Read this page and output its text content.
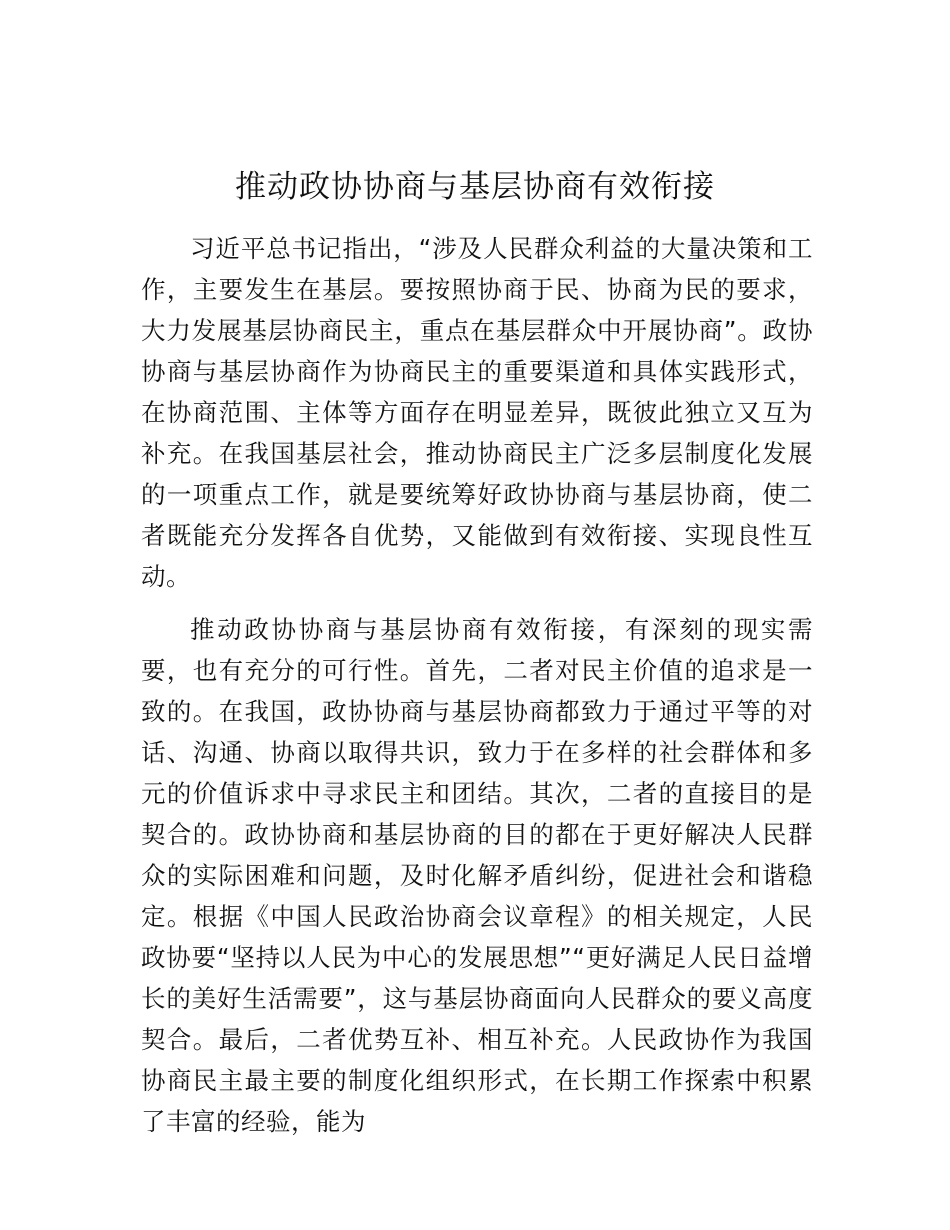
推动政协协商与基层协商有效衔接

习近平总书记指出，“涉及人民群众利益的大量决策和工作，主要发生在基层。要按照协商于民、协商为民的要求，大力发展基层协商民主，重点在基层群众中开展协商”。政协协商与基层协商作为协商民主的重要渠道和具体实践形式，在协商范围、主体等方面存在明显差异，既彼此独立又互为补充。在我国基层社会，推动协商民主广泛多层制度化发展的一项重点工作，就是要统筹好政协协商与基层协商，使二者既能充分发挥各自优势，又能做到有效衔接、实现良性互动。

推动政协协商与基层协商有效衔接，有深刻的现实需要，也有充分的可行性。首先，二者对民主价值的追求是一致的。在我国，政协协商与基层协商都致力于通过平等的对话、沟通、协商以取得共识，致力于在多样的社会群体和多元的价值诉求中寻求民主和团结。其次，二者的直接目的是契合的。政协协商和基层协商的目的都在于更好解决人民群众的实际困难和问题，及时化解矛盾纠纷，促进社会和谐稳定。根据《中国人民政治协商会议章程》的相关规定，人民政协要“坚持以人民为中心的发展思想”“更好满足人民日益增长的美好生活需要”，这与基层协商面向人民群众的要义高度契合。最后，二者优势互补、相互补充。人民政协作为我国协商民主最主要的制度化组织形式，在长期工作探索中积累了丰富的经验，能为
